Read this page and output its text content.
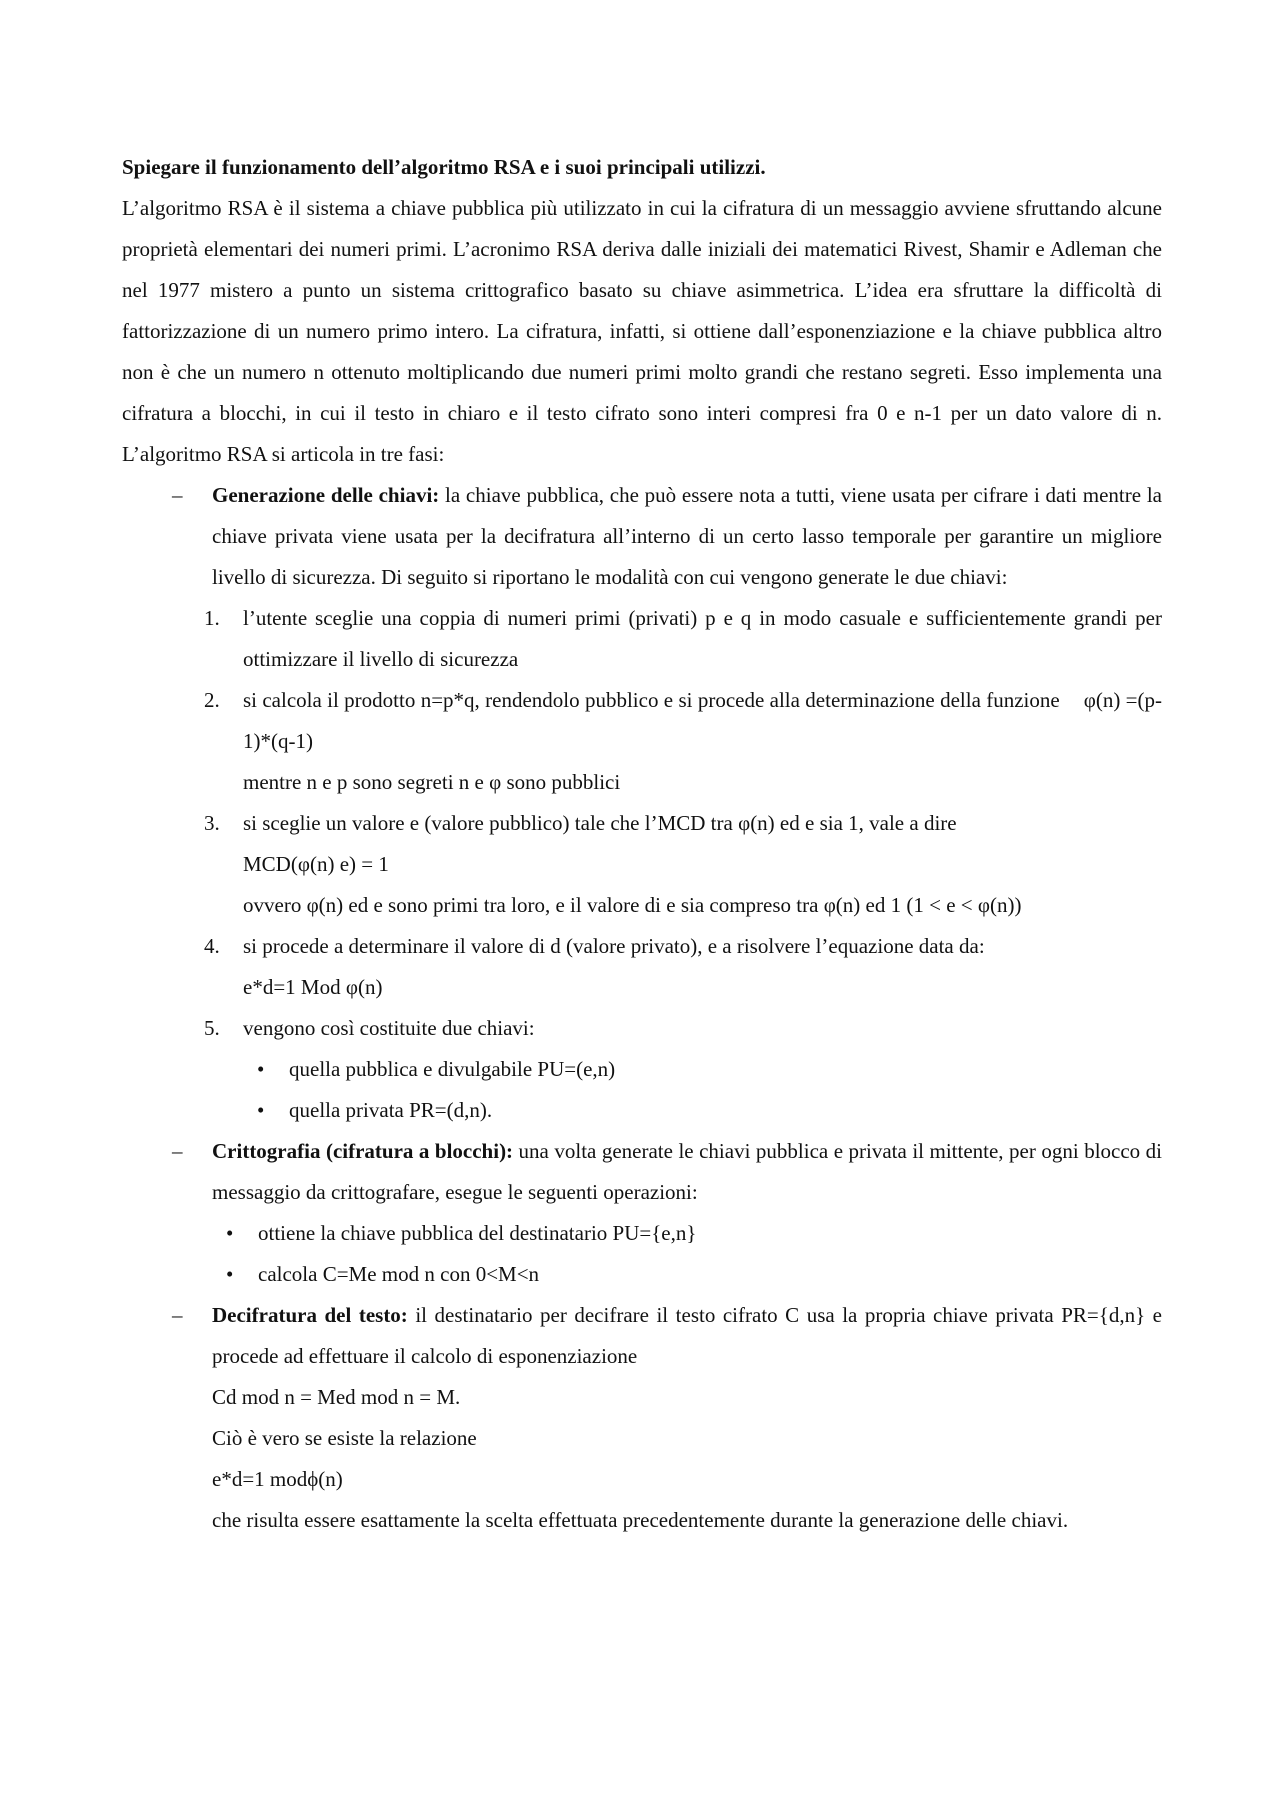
Spiegare il funzionamento dell’algoritmo RSA e i suoi principali utilizzi.

L’algoritmo RSA è il sistema a chiave pubblica più utilizzato in cui la cifratura di un messaggio avviene sfruttando alcune proprietà elementari dei numeri primi. L’acronimo RSA deriva dalle iniziali dei matematici Rivest, Shamir e Adleman che nel 1977 mistero a punto un sistema crittografico basato su chiave asimmetrica. L’idea era sfruttare la difficoltà di fattorizzazione di un numero primo intero. La cifratura, infatti, si ottiene dall’esponenziazione e la chiave pubblica altro non è che un numero n ottenuto moltiplicando due numeri primi molto grandi che restano segreti. Esso implementa una cifratura a blocchi, in cui il testo in chiaro e il testo cifrato sono interi compresi fra 0 e n-1 per un dato valore di n. L’algoritmo RSA si articola in tre fasi:

– Generazione delle chiavi: la chiave pubblica, che può essere nota a tutti, viene usata per cifrare i dati mentre la chiave privata viene usata per la decifratura all’interno di un certo lasso temporale per garantire un migliore livello di sicurezza. Di seguito si riportano le modalità con cui vengono generate le due chiavi:
1. l’utente sceglie una coppia di numeri primi (privati) p e q in modo casuale e sufficientemente grandi per ottimizzare il livello di sicurezza
2. si calcola il prodotto n=p*q, rendendolo pubblico e si procede alla determinazione della funzione φ(n) =(p-1)*(q-1)
mentre n e p sono segreti n e φ sono pubblici
3. si sceglie un valore e (valore pubblico) tale che l’MCD tra φ(n) ed e sia 1, vale a dire
MCD(φ(n) e) = 1
ovvero φ(n) ed e sono primi tra loro, e il valore di e sia compreso tra φ(n) ed 1 (1 < e < φ(n))
4. si procede a determinare il valore di d (valore privato), e a risolvere l’equazione data da:
e*d=1 Mod φ(n)
5. vengono così costituite due chiavi:
• quella pubblica e divulgabile PU=(e,n)
• quella privata PR=(d,n).
– Crittografia (cifratura a blocchi): una volta generate le chiavi pubblica e privata il mittente, per ogni blocco di messaggio da crittografare, esegue le seguenti operazioni:
• ottiene la chiave pubblica del destinatario PU={e,n}
• calcola C=Me mod n con 0<M<n
– Decifratura del testo: il destinatario per decifrare il testo cifrato C usa la propria chiave privata PR={d,n} e procede ad effettuare il calcolo di esponenziazione
Cd mod n = Med mod n = M.
Ciò è vero se esiste la relazione
e*d=1 modϕ(n)
che risulta essere esattamente la scelta effettuata precedentemente durante la generazione delle chiavi.
